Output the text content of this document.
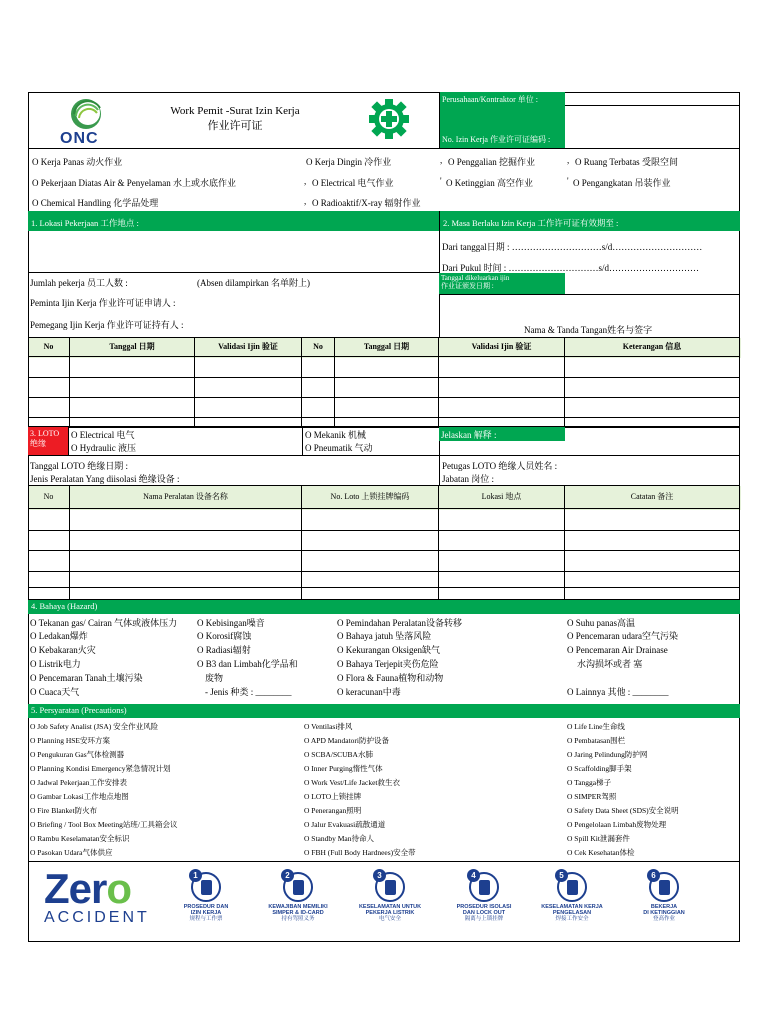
ONC
Work Pemit -Surat Izin Kerja
作业许可证
Perusahaan/Kontraktor 单位 :
No. Izin Kerja 作业许可证编码 :
O Kerja Panas 动火作业	O Kerja Dingin 冷作业	, O Penggalian 挖掘作业	, O Ruang Terbatas 受限空间
O Pekerjaan Diatas Air & Penyelaman 水上或水底作业	, O Electrical 电气作业	' O Ketinggian 高空作业	' O Pengangkatan 吊装作业
O Chemical Handling 化学品处理	, O Radioaktif/X-ray 辐射作业
1. Lokasi Pekerjaan 工作地点 :	2. Masa Berlaku Izin Kerja 工作许可证有效期至 :
Dari tanggal日期 : …………………………s/d…………………………
Dari Pukul 时间 : …………………………s/d…………………………
Tanggal dikeluarkan ijin
作业证颁发日期 :
Nama & Tanda Tangan姓名与签字
Jumlah pekerja 员工人数 :	(Absen dilampirkan 名单附上)
Peminta Ijin Kerja 作业许可证申请人 :
Pemegang Ijin Kerja 作业许可证持有人 :
No	Tanggal 日期	Validasi Ijin 验证	No	Tanggal 日期	Validasi Ijin 验证	Keterangan 信息
3. LOTO
绝缘
O Electrical 电气
O Hydraulic 液压
O Mekanik 机械
O Pneumatik 气动
Jelaskan 解释 :
Tanggal LOTO 绝缘日期 :
Jenis Peralatan Yang diisolasi 绝缘设备 :
Petugas LOTO 绝缘人员姓名 :
Jabatan 岗位 :
No	Nama Peralatan 设备名称	No. Loto 上锁挂牌编码	Lokasi 地点	Catatan 备注
4. Bahaya (Hazard)
O Tekanan gas/ Cairan 气体或液体压力
O Ledakan爆炸
O Kebakaran火灾
O Listrik电力
O Pencemaran Tanah土壤污染
O Cuaca天气
O Kebisingan噪音
O Korosif腐蚀
O Radiasi辐射
O B3 dan Limbah化学品和
废物
- Jenis 种类 : ________
O Pemindahan Peralatan设备转移
O Bahaya jatuh 坠落风险
O Kekurangan Oksigen缺气
O Bahaya Terjepit夹伤危险
O Flora & Fauna植物和动物
O keracunan中毒
O Suhu panas高温
O Pencemaran udara空气污染
O Pencemaran Air Drainase
水沟损坏或者 塞
O Lainnya 其他 : ________
5. Persyaratan (Precautions)
O Job Safety Analist (JSA) 安全作业风险
O Planning HSE安环方案
O Pengukuran Gas气体检测器
O Planning Kondisi Emergency紧急情况计划
O Jadwal Pekerjaan工作安排表
O Gambar Lokasi工作地点地图
O Fire Blanket防火布
O Briefing / Tool Box Meeting站班/工具箱会议
O Rambu Keselamatan安全标识
O Pasokan Udara气体供应
O Ventilasi排风
O APD Mandatori防护设备
O SCBA/SCUBA水肺
O Inner Purging惰性气体
O Work Vest/Life Jacket救生衣
O LOTO上锁挂牌
O Penerangan照明
O Jalur Evakuasi疏散通道
O Standby Man待命人
O FBH (Full Body Hardnees)安全带
O Life Line生命线
O Pembatasan围栏
O Jaring Pelindung防护网
O Scaffolding脚手架
O Tangga梯子
O SIMPER驾照
O Safety Data Sheet (SDS)安全说明
O Pengelolaan Limbah废物处理
O Spill Kit泄漏套件
O Cek Kesehatan体检
Zero
ACCIDENT
1
PROSEDUR DAN
IZIN KERJA
规程与工作票
2
KEWAJIBAN MEMILIKI
SIMPER & ID-CARD
持有驾照义务
3
KESELAMATAN UNTUK
PEKERJA LISTRIK
电气安全
4
PROSEDUR ISOLASI
DAN LOCK OUT
隔离与上锁挂牌
5
KESELAMATAN KERJA
PENGELASAN
焊接工作安全
6
BEKERJA
DI KETINGGIAN
登高作业
